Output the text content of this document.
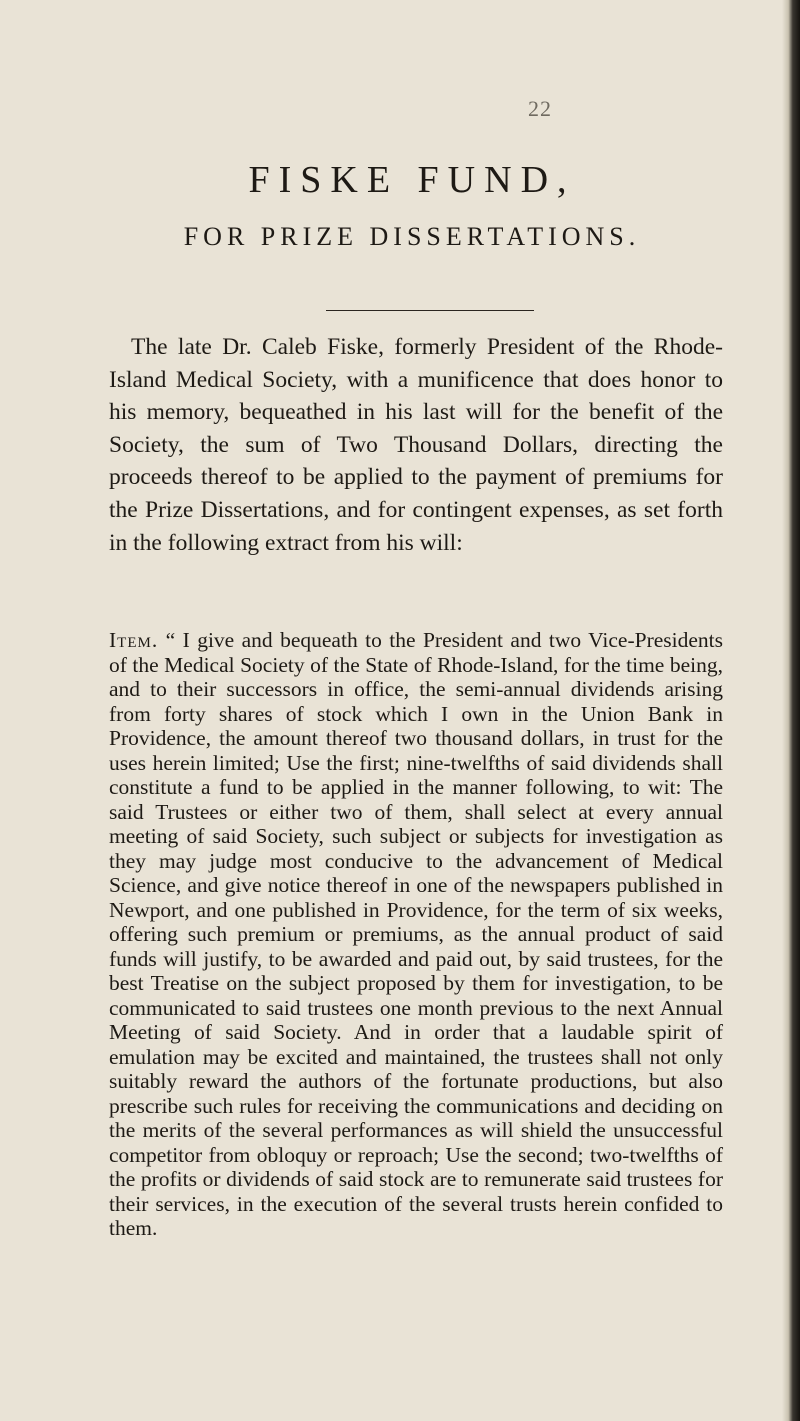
22
FISKE FUND,
FOR PRIZE DISSERTATIONS.

The late Dr. Caleb Fiske, formerly President of the Rhode-Island Medical Society, with a munificence that does honor to his memory, bequeathed in his last will for the benefit of the Society, the sum of Two Thousand Dollars, directing the proceeds thereof to be applied to the payment of premiums for the Prize Dissertations, and for contingent expenses, as set forth in the following extract from his will:

Item. “ I give and bequeath to the President and two Vice-Presidents of the Medical Society of the State of Rhode-Island, for the time being, and to their successors in office, the semi-annual dividends arising from forty shares of stock which I own in the Union Bank in Providence, the amount thereof two thousand dollars, in trust for the uses herein limited; Use the first; nine-twelfths of said dividends shall constitute a fund to be applied in the manner following, to wit: The said Trustees or either two of them, shall select at every annual meeting of said Society, such subject or subjects for investigation as they may judge most conducive to the advancement of Medical Science, and give notice thereof in one of the newspapers published in Newport, and one published in Providence, for the term of six weeks, offering such premium or premiums, as the annual product of said funds will justify, to be awarded and paid out, by said trustees, for the best Treatise on the subject proposed by them for investigation, to be communicated to said trustees one month previous to the next Annual Meeting of said Society. And in order that a laudable spirit of emulation may be excited and maintained, the trustees shall not only suitably reward the authors of the fortunate productions, but also prescribe such rules for receiving the communications and deciding on the merits of the several performances as will shield the unsuccessful competitor from obloquy or reproach; Use the second; two-twelfths of the profits or dividends of said stock are to remunerate said trustees for their services, in the execution of the several trusts herein confided to them.
